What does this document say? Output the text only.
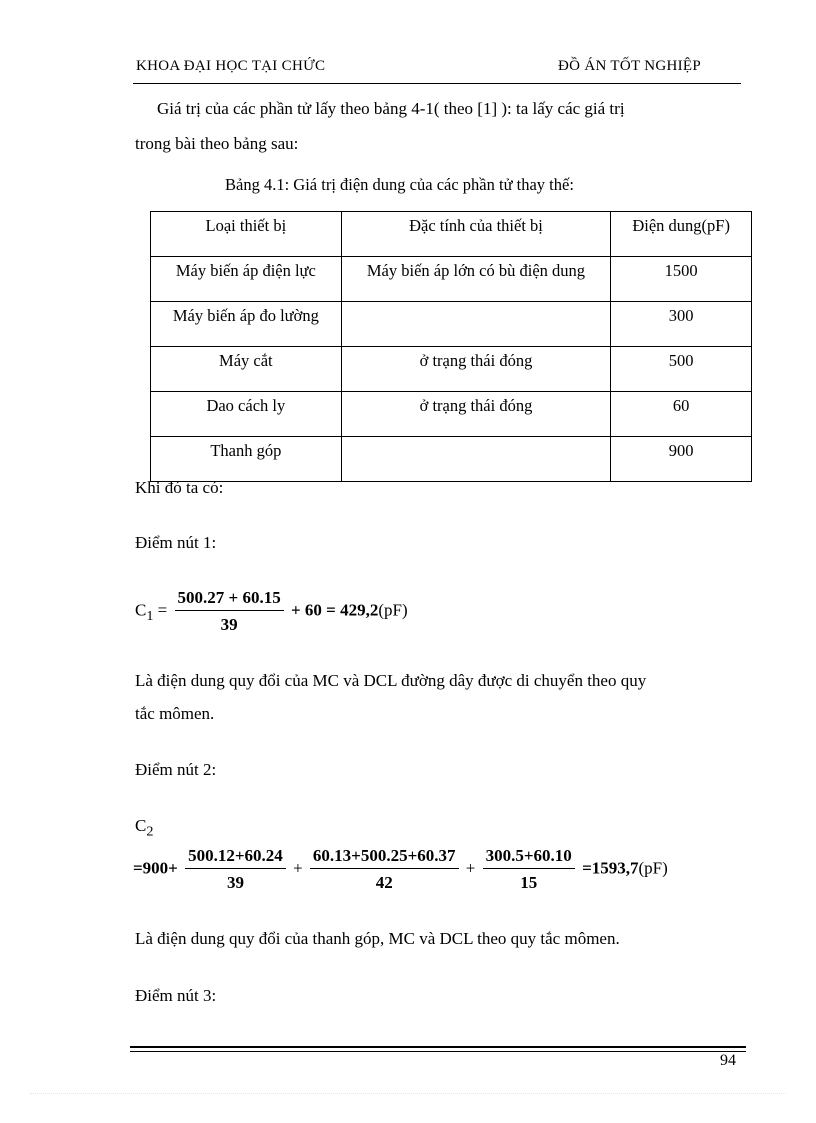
KHOA ĐẠI HỌC TẠI CHỨC	ĐỒ ÁN TỐT NGHIỆP
Giá trị của các phần tử lấy theo bảng 4-1( theo [1] ): ta lấy các giá trị
trong bài theo bảng sau:
Bảng 4.1: Giá trị điện dung của các phần tử thay thế:
Loại thiết bị	Đặc tính của thiết bị	Điện dung(pF)
Máy biến áp điện lực	Máy biến áp lớn có bù điện dung	1500
Máy biến áp đo lường		300
Máy cắt	ở trạng thái đóng	500
Dao cách ly	ở trạng thái đóng	60
Thanh góp		900
Khi đó ta có:
Điểm nút 1:
$C_1 = \frac{500.27 + 60.15}{39} + 60 = 429,2(pF)$
Là điện dung quy đổi của MC và DCL đường dây được di chuyển theo quy
tắc mômen.
Điểm nút 2:
$C_2$
$=900+ \frac{500.12+60.24}{39} + \frac{60.13+500.25+60.37}{42} + \frac{300.5+60.10}{15} =1593,7(pF)$
Là điện dung quy đổi của thanh góp, MC và DCL theo quy tắc mômen.
Điểm nút 3:
94
